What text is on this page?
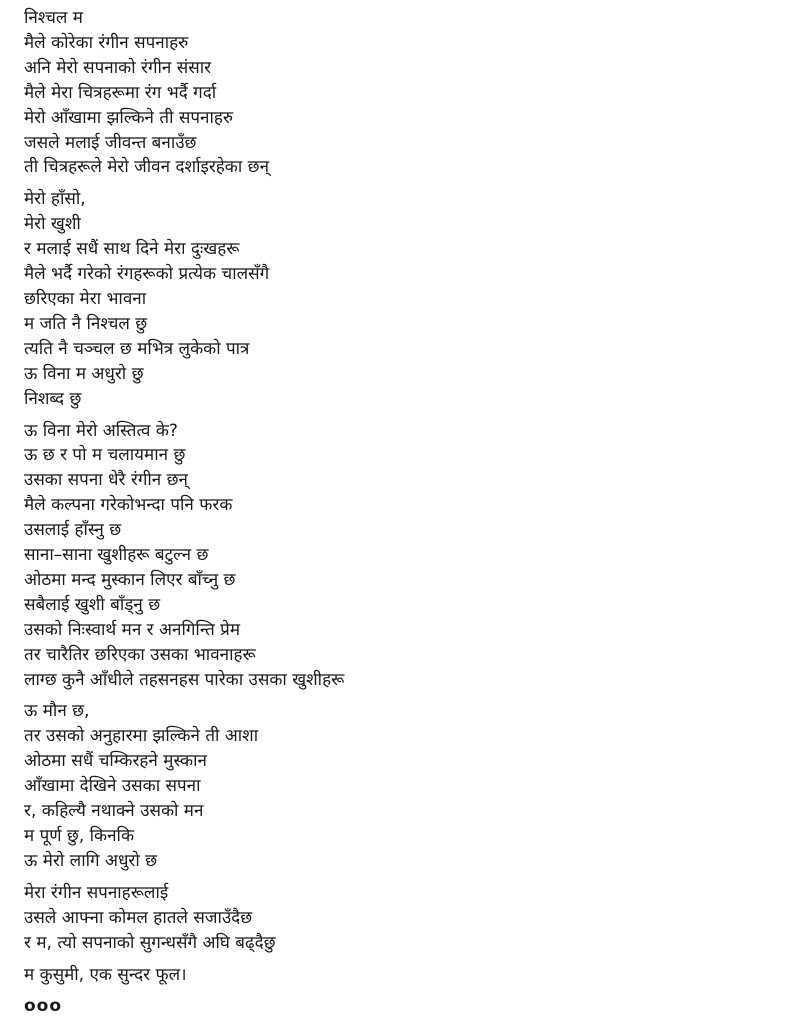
निश्चल म
मैले कोरेका रंगीन सपनाहरु
अनि मेरो सपनाको रंगीन संसार
मैले मेरा चित्रहरूमा रंग भर्दै गर्दा
मेरो आँखामा झल्किने ती सपनाहरु
जसले मलाई जीवन्त बनाउँछ
ती चित्रहरूले मेरो जीवन दर्शाइरहेका छन्
मेरो हाँसो,
मेरो खुशी
र मलाई सधैं साथ दिने मेरा दुःखहरू
मैले भर्दै गरेको रंगहरूको प्रत्येक चालसँगै
छरिएका मेरा भावना
म जति नै निश्चल छु
त्यति नै चञ्चल छ मभित्र लुकेको पात्र
ऊ विना म अधुरो छु
निशब्द छु
ऊ विना मेरो अस्तित्व के?
ऊ छ र पो म चलायमान छु
उसका सपना धेरै रंगीन छन्
मैले कल्पना गरेकोभन्दा पनि फरक
उसलाई हाँस्नु छ
साना–साना खुशीहरू बटुल्न छ
ओठमा मन्द मुस्कान लिएर बाँच्नु छ
सबैलाई खुशी बाँड्नु छ
उसको निःस्वार्थ मन र अनगिन्ति प्रेम
तर चारैतिर छरिएका उसका भावनाहरू
लाग्छ कुनै आँधीले तहसनहस पारेका उसका खुशीहरू
ऊ मौन छ,
तर उसको अनुहारमा झल्किने ती आशा
ओठमा सधैं चम्किरहने मुस्कान
आँखामा देखिने उसका सपना
र, कहिल्यै नथाक्ने उसको मन
म पूर्ण छु, किनकि
ऊ मेरो लागि अधुरो छ
मेरा रंगीन सपनाहरूलाई
उसले आफ्ना कोमल हातले सजाउँदैछ
र म, त्यो सपनाको सुगन्धसँगै अघि बढ्दैछु
म कुसुमी, एक सुन्दर फूल।
ooo
